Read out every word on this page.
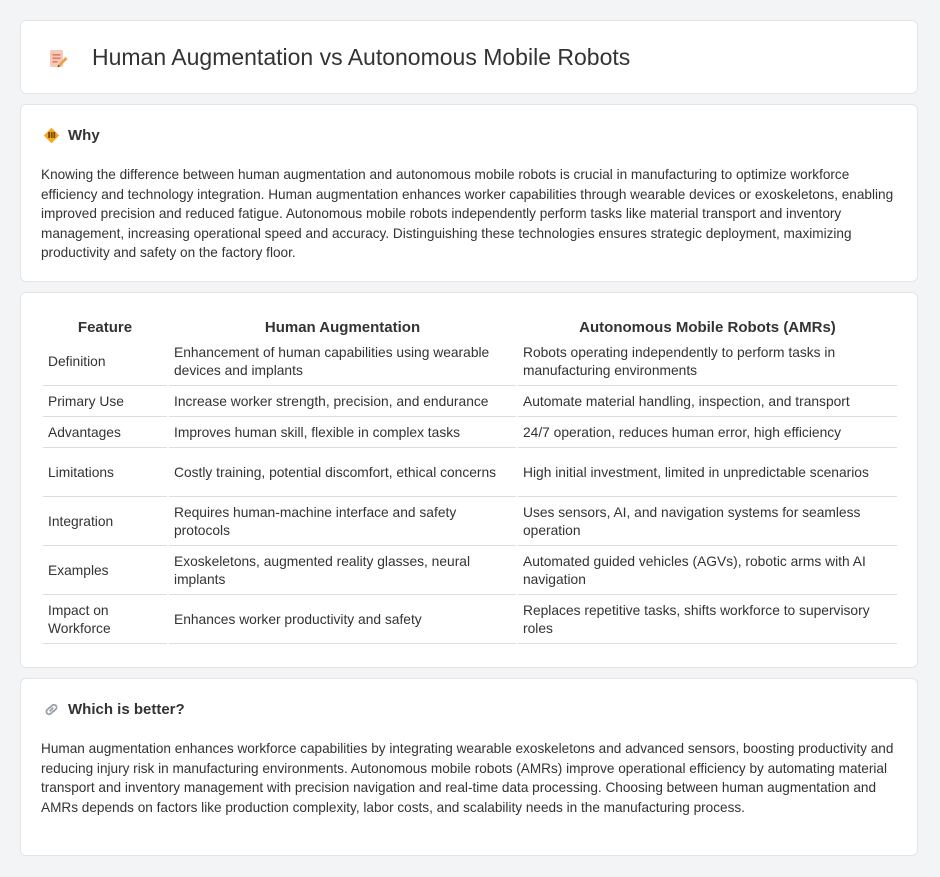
Human Augmentation vs Autonomous Mobile Robots
Why

Knowing the difference between human augmentation and autonomous mobile robots is crucial in manufacturing to optimize workforce efficiency and technology integration. Human augmentation enhances worker capabilities through wearable devices or exoskeletons, enabling improved precision and reduced fatigue. Autonomous mobile robots independently perform tasks like material transport and inventory management, increasing operational speed and accuracy. Distinguishing these technologies ensures strategic deployment, maximizing productivity and safety on the factory floor.

Feature	Human Augmentation	Autonomous Mobile Robots (AMRs)
Definition	Enhancement of human capabilities using wearable devices and implants	Robots operating independently to perform tasks in manufacturing environments
Primary Use	Increase worker strength, precision, and endurance	Automate material handling, inspection, and transport
Advantages	Improves human skill, flexible in complex tasks	24/7 operation, reduces human error, high efficiency
Limitations	Costly training, potential discomfort, ethical concerns	High initial investment, limited in unpredictable scenarios
Integration	Requires human-machine interface and safety protocols	Uses sensors, AI, and navigation systems for seamless operation
Examples	Exoskeletons, augmented reality glasses, neural implants	Automated guided vehicles (AGVs), robotic arms with AI navigation
Impact on Workforce	Enhances worker productivity and safety	Replaces repetitive tasks, shifts workforce to supervisory roles
Which is better?

Human augmentation enhances workforce capabilities by integrating wearable exoskeletons and advanced sensors, boosting productivity and reducing injury risk in manufacturing environments. Autonomous mobile robots (AMRs) improve operational efficiency by automating material transport and inventory management with precision navigation and real-time data processing. Choosing between human augmentation and AMRs depends on factors like production complexity, labor costs, and scalability needs in the manufacturing process.
